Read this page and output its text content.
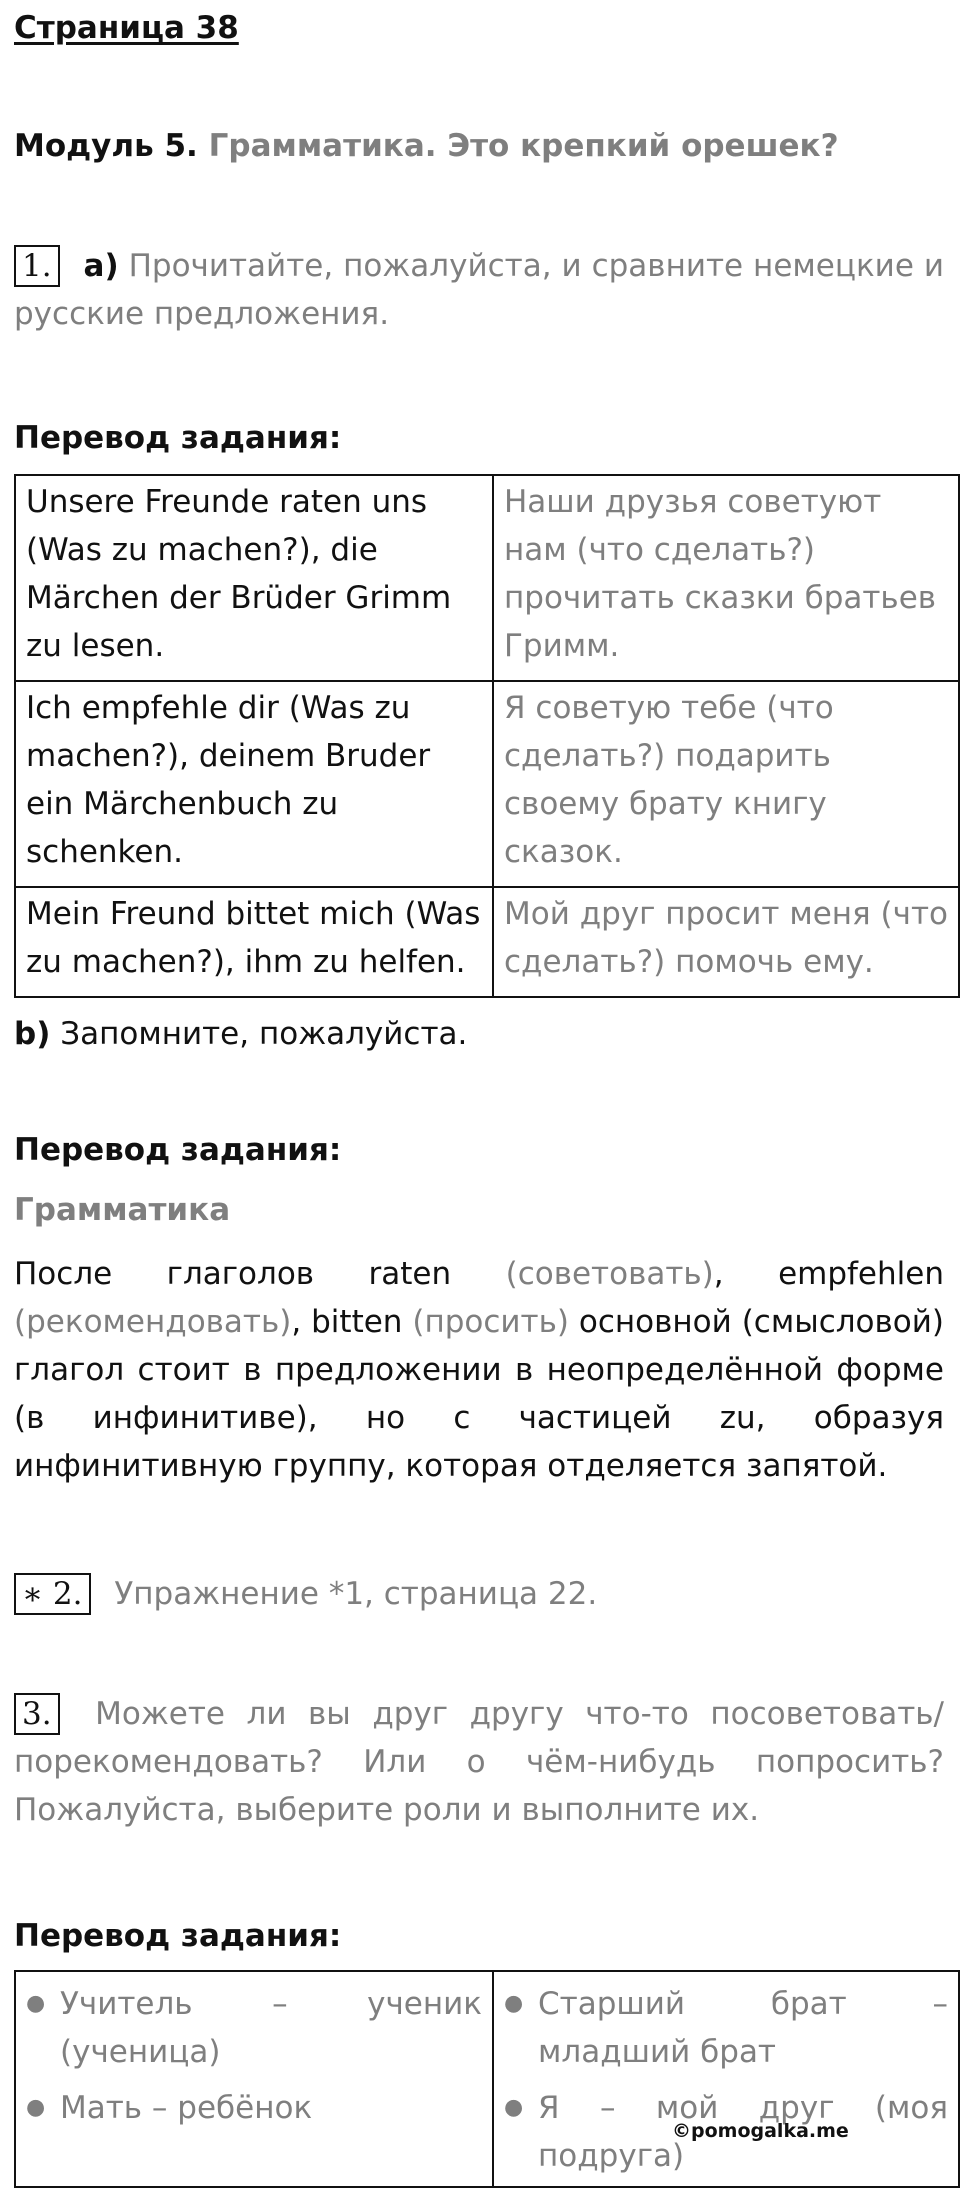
Страница 38
Модуль 5. Грамматика. Это крепкий орешек?
1. а) Прочитайте, пожалуйста, и сравните немецкие и русские предложения.
Перевод задания:
Unsere Freunde raten uns (Was zu machen?), die Märchen der Brüder Grimm zu lesen.	Наши друзья советуют нам (что сделать?) прочитать сказки братьев Гримм.
Ich empfehle dir (Was zu machen?), deinem Bruder ein Märchenbuch zu schenken.	Я советую тебе (что сделать?) подарить своему брату книгу сказок.
Mein Freund bittet mich (Was zu machen?), ihm zu helfen.	Мой друг просит меня (что сделать?) помочь ему.
b) Запомните, пожалуйста.
Перевод задания:
Грамматика
После глаголов raten (советовать), empfehlen (рекомендовать), bitten (просить) основной (смысловой) глагол стоит в предложении в неопределённой форме (в инфинитиве), но с частицей zu, образуя инфинитивную группу, которая отделяется запятой.
∗ 2. Упражнение *1, страница 22.
3. Можете ли вы друг другу что-то посоветовать/порекомендовать? Или о чём-нибудь попросить? Пожалуйста, выберите роли и выполните их.
Перевод задания:
● Учитель – ученик (ученица)
● Мать – ребёнок

● Старший брат – младший брат
● Я – мой друг (моя подруга)
©pomogalka.me
